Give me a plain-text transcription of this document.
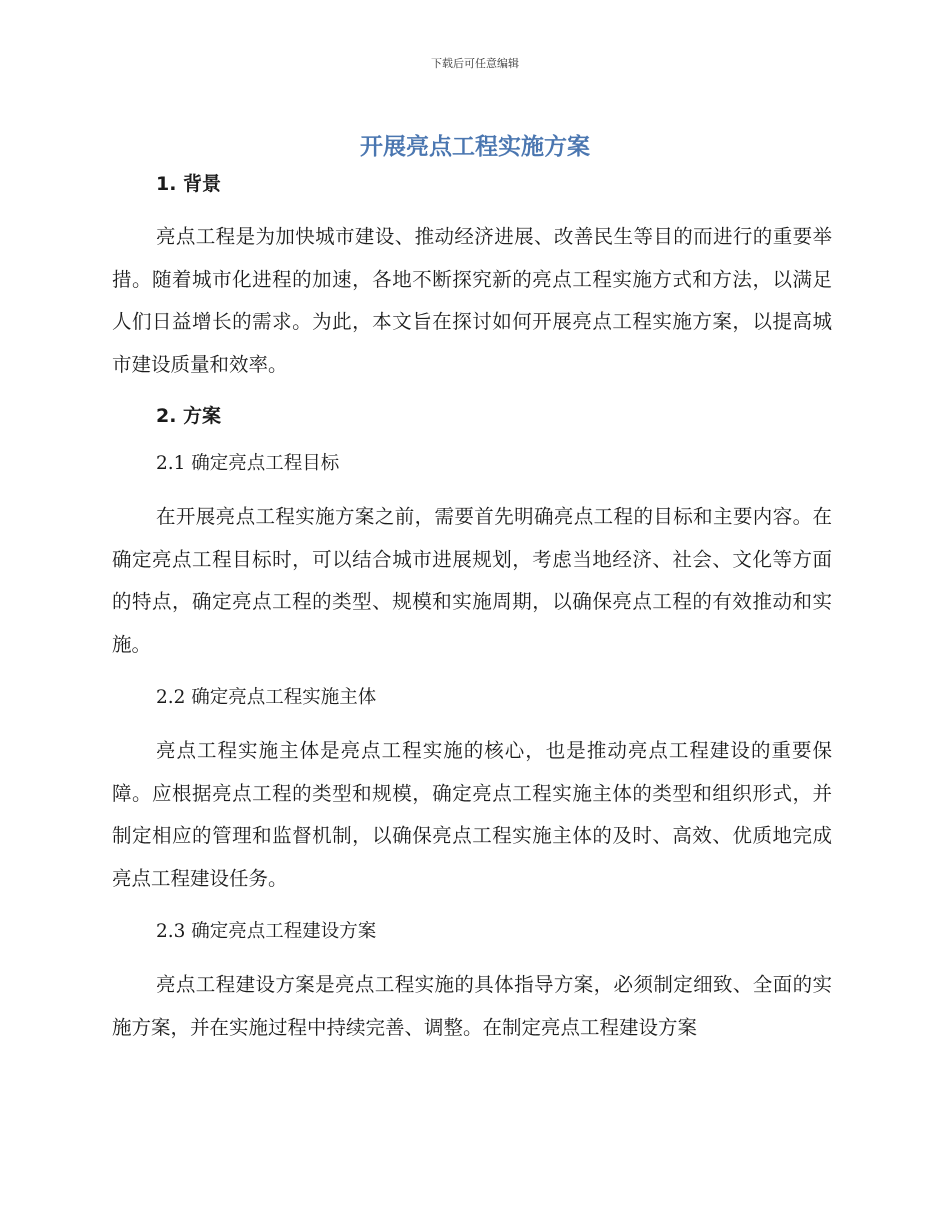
下载后可任意编辑
开展亮点工程实施方案
1. 背景

亮点工程是为加快城市建设、推动经济进展、改善民生等目的而进行的重要举措。随着城市化进程的加速，各地不断探究新的亮点工程实施方式和方法，以满足人们日益增长的需求。为此，本文旨在探讨如何开展亮点工程实施方案，以提高城市建设质量和效率。

2. 方案
2.1 确定亮点工程目标

在开展亮点工程实施方案之前，需要首先明确亮点工程的目标和主要内容。在确定亮点工程目标时，可以结合城市进展规划，考虑当地经济、社会、文化等方面的特点，确定亮点工程的类型、规模和实施周期，以确保亮点工程的有效推动和实施。

2.2 确定亮点工程实施主体

亮点工程实施主体是亮点工程实施的核心，也是推动亮点工程建设的重要保障。应根据亮点工程的类型和规模，确定亮点工程实施主体的类型和组织形式，并制定相应的管理和监督机制，以确保亮点工程实施主体的及时、高效、优质地完成亮点工程建设任务。

2.3 确定亮点工程建设方案

亮点工程建设方案是亮点工程实施的具体指导方案，必须制定细致、全面的实施方案，并在实施过程中持续完善、调整。在制定亮点工程建设方案
